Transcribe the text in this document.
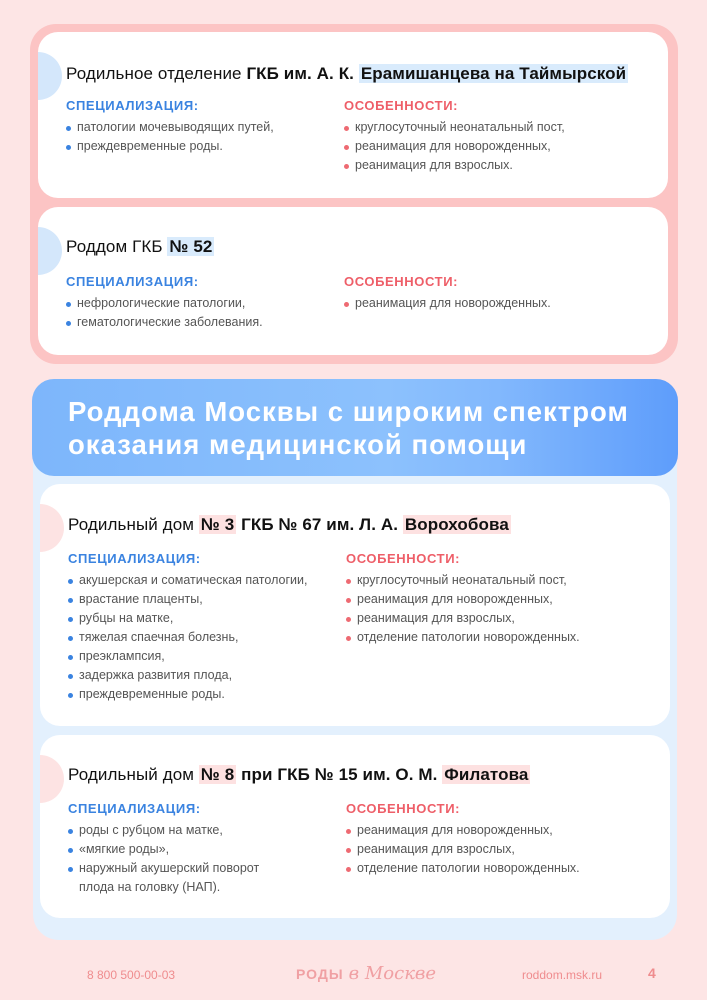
Родильное отделение ГКБ им. А. К. Ерамишанцева на Таймырской
СПЕЦИАЛИЗАЦИЯ:
патологии мочевыводящих путей,
преждевременные роды.
ОСОБЕННОСТИ:
круглосуточный неонатальный пост,
реанимация для новорожденных,
реанимация для взрослых.
Роддом ГКБ № 52
СПЕЦИАЛИЗАЦИЯ:
нефрологические патологии,
гематологические заболевания.
ОСОБЕННОСТИ:
реанимация для новорожденных.
Роддома Москвы с широким спектром
оказания медицинской помощи
Родильный дом № 3 ГКБ № 67 им. Л. А. Ворохобова
СПЕЦИАЛИЗАЦИЯ:
акушерская и соматическая патологии,
врастание плаценты,
рубцы на матке,
тяжелая спаечная болезнь,
преэклампсия,
задержка развития плода,
преждевременные роды.
ОСОБЕННОСТИ:
круглосуточный неонатальный пост,
реанимация для новорожденных,
реанимация для взрослых,
отделение патологии новорожденных.
Родильный дом № 8 при ГКБ № 15 им. О. М. Филатова
СПЕЦИАЛИЗАЦИЯ:
роды с рубцом на матке,
«мягкие роды»,
наружный акушерский поворот
плода на головку (НАП).
ОСОБЕННОСТИ:
реанимация для новорожденных,
реанимация для взрослых,
отделение патологии новорожденных.
8 800 500-00-03	РОДЫ в Москве	roddom.msk.ru	4
